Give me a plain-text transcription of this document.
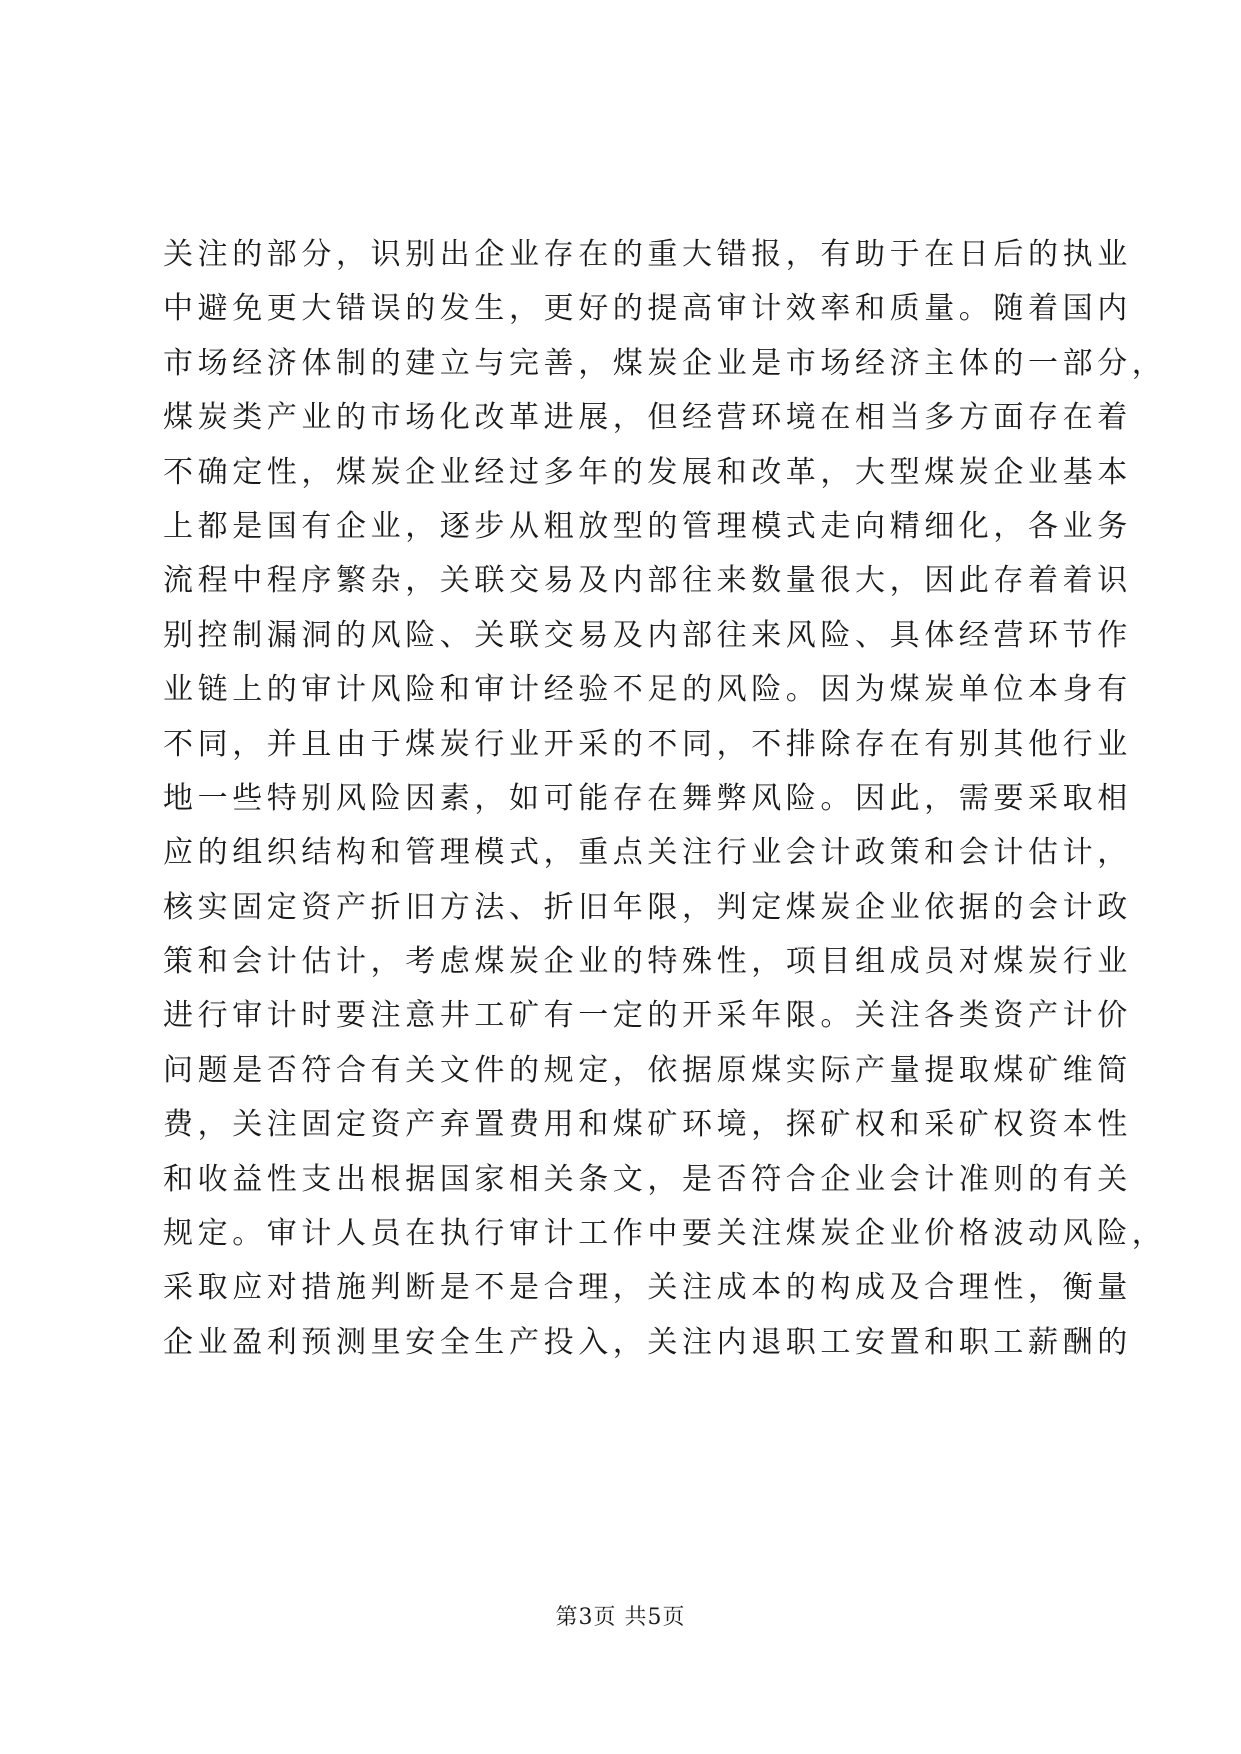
关注的部分，识别出企业存在的重大错报，有助于在日后的执业
中避免更大错误的发生，更好的提高审计效率和质量。随着国内
市场经济体制的建立与完善，煤炭企业是市场经济主体的一部分，
煤炭类产业的市场化改革进展，但经营环境在相当多方面存在着
不确定性，煤炭企业经过多年的发展和改革，大型煤炭企业基本
上都是国有企业，逐步从粗放型的管理模式走向精细化，各业务
流程中程序繁杂，关联交易及内部往来数量很大，因此存着着识
别控制漏洞的风险、关联交易及内部往来风险、具体经营环节作
业链上的审计风险和审计经验不足的风险。因为煤炭单位本身有
不同，并且由于煤炭行业开采的不同，不排除存在有别其他行业
地一些特别风险因素，如可能存在舞弊风险。因此，需要采取相
应的组织结构和管理模式，重点关注行业会计政策和会计估计，
核实固定资产折旧方法、折旧年限，判定煤炭企业依据的会计政
策和会计估计，考虑煤炭企业的特殊性，项目组成员对煤炭行业
进行审计时要注意井工矿有一定的开采年限。关注各类资产计价
问题是否符合有关文件的规定，依据原煤实际产量提取煤矿维简
费，关注固定资产弃置费用和煤矿环境，探矿权和采矿权资本性
和收益性支出根据国家相关条文，是否符合企业会计准则的有关
规定。审计人员在执行审计工作中要关注煤炭企业价格波动风险，
采取应对措施判断是不是合理，关注成本的构成及合理性，衡量
企业盈利预测里安全生产投入，关注内退职工安置和职工薪酬的
第3页 共5页
